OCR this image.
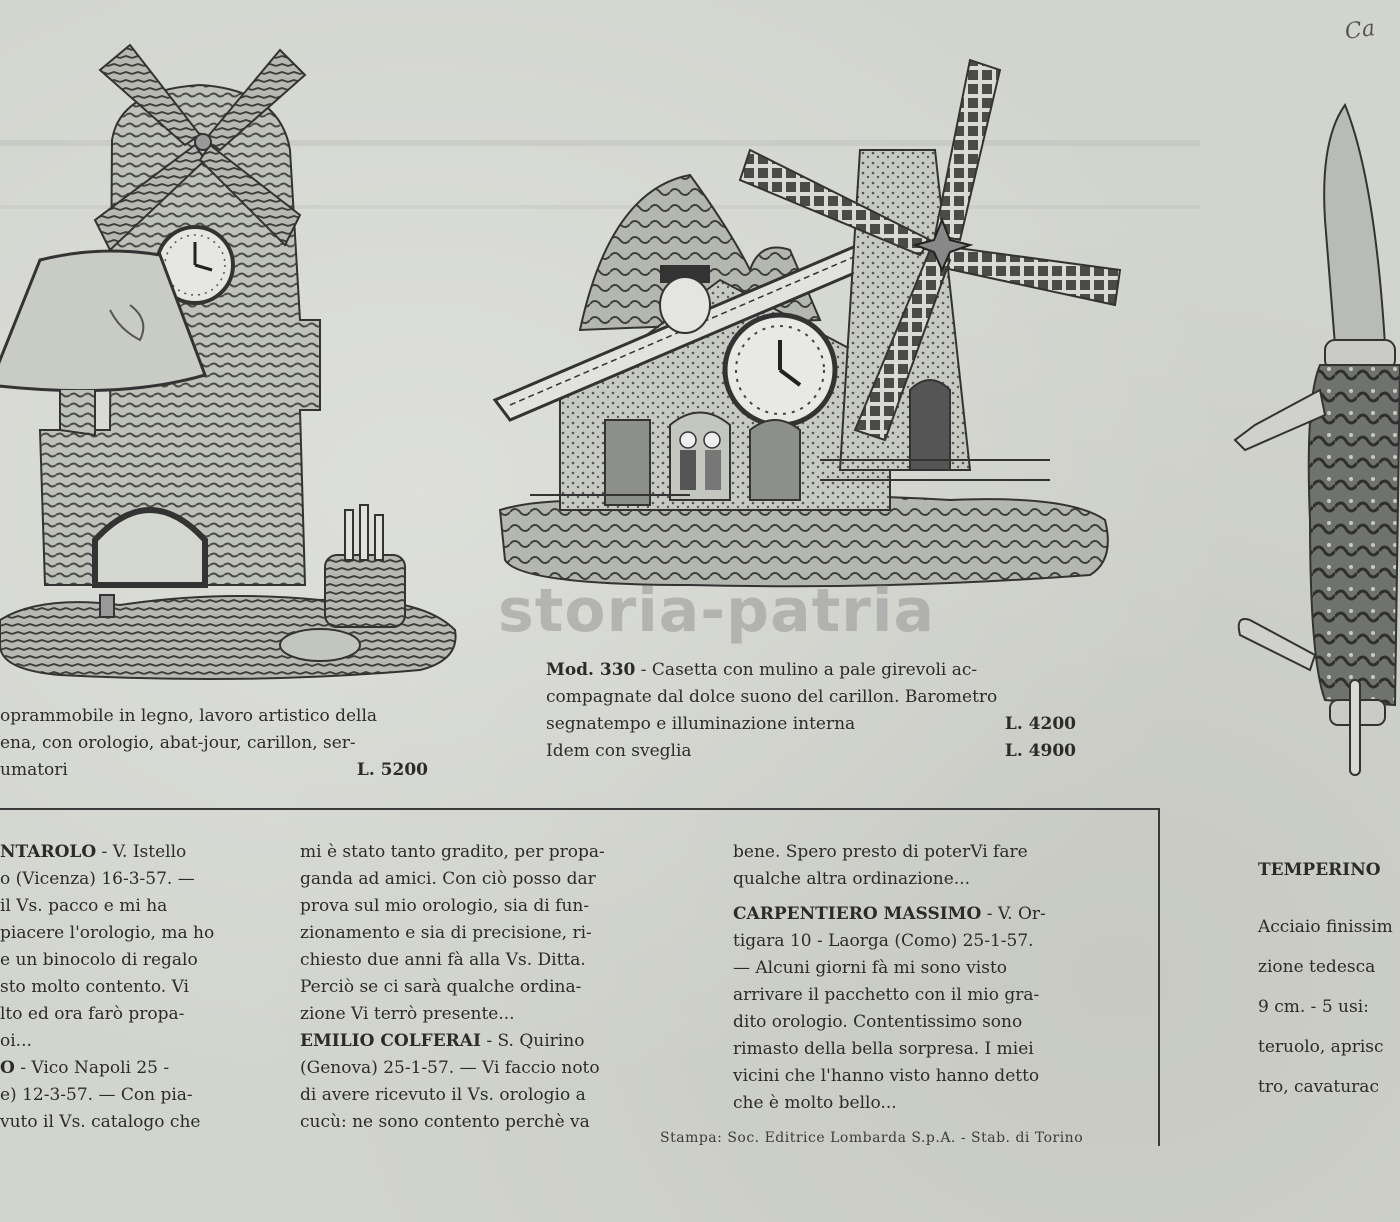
Ca
storia-patria
oprammobile in legno, lavoro artistico della
ena, con orologio, abat-jour, carillon, ser-
umatori	L. 5200
Mod. 330 - Casetta con mulino a pale girevoli ac-
compagnate dal dolce suono del carillon. Barometro
segnatempo e illuminazione interna	L. 4200
Idem con sveglia	L. 4900
TEMPERINO
Acciaio finissim
zione tedesca
9 cm. - 5 usi:
teruolo, aprisc
tro, cavaturac
NTAROLO - V. Istello
o (Vicenza) 16-3-57. —
il Vs. pacco e mi ha
piacere l'orologio, ma ho
e un binocolo di regalo
sto molto contento. Vi
lto ed ora farò propa-
oi...
O - Vico Napoli 25 -
e) 12-3-57. — Con pia-
vuto il Vs. catalogo che
mi è stato tanto gradito, per propa-
ganda ad amici. Con ciò posso dar
prova sul mio orologio, sia di fun-
zionamento e sia di precisione, ri-
chiesto due anni fà alla Vs. Ditta.
Perciò se ci sarà qualche ordina-
zione Vi terrò presente...
EMILIO COLFERAI - S. Quirino
(Genova) 25-1-57. — Vi faccio noto
di avere ricevuto il Vs. orologio a
cucù: ne sono contento perchè va
bene. Spero presto di poterVi fare
qualche altra ordinazione...
CARPENTIERO MASSIMO - V. Or-
tigara 10 - Laorga (Como) 25-1-57.
— Alcuni giorni fà mi sono visto
arrivare il pacchetto con il mio gra-
dito orologio. Contentissimo sono
rimasto della bella sorpresa. I miei
vicini che l'hanno visto hanno detto
che è molto bello...
Stampa: Soc. Editrice Lombarda S.p.A. - Stab. di Torino
